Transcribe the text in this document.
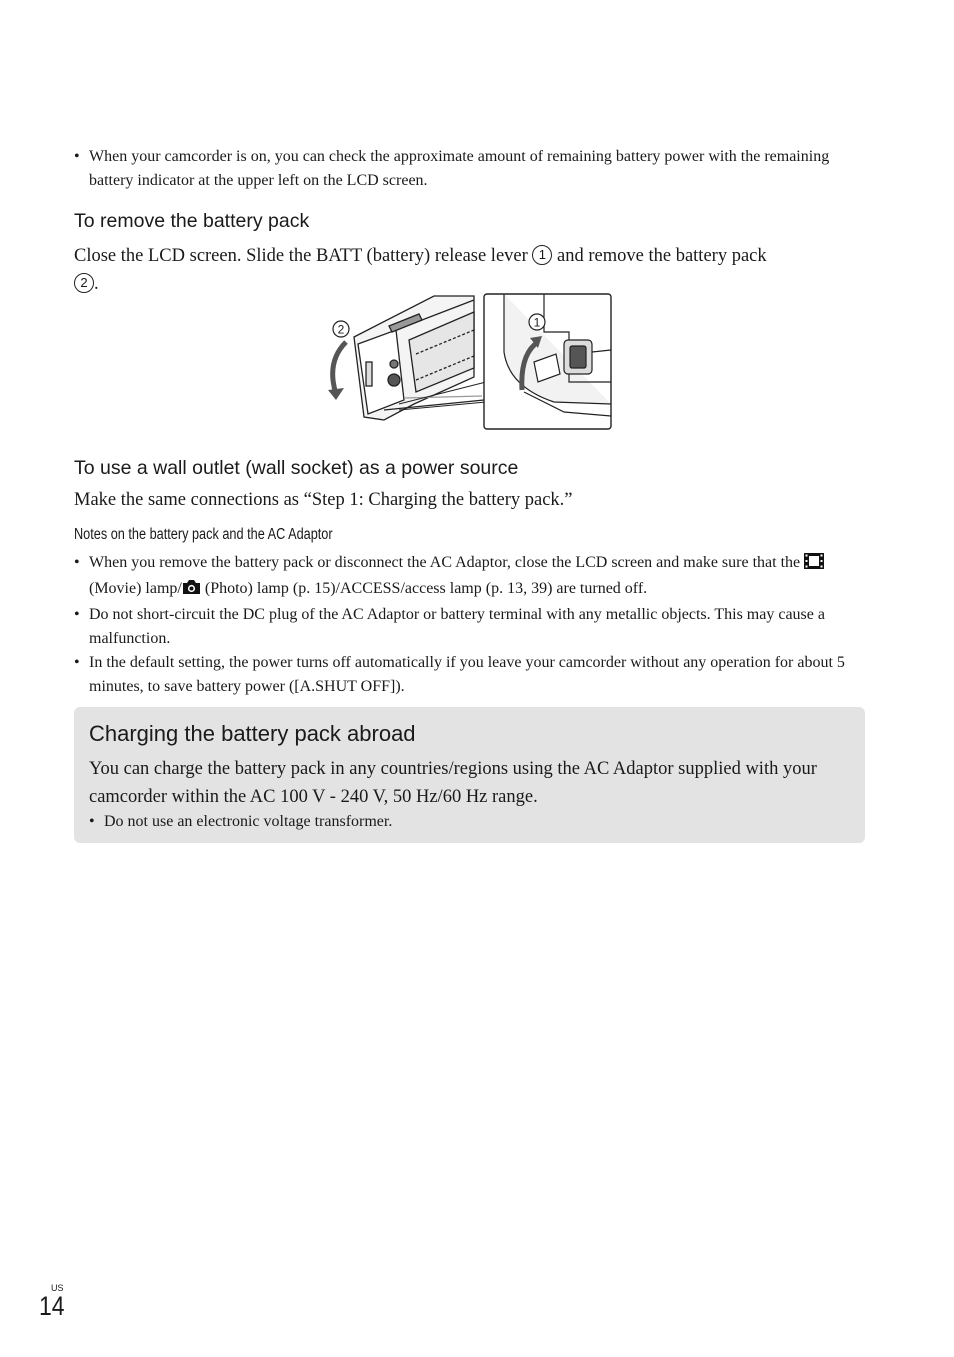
• When your camcorder is on, you can check the approximate amount of remaining battery power with the remaining battery indicator at the upper left on the LCD screen.
To remove the battery pack
Close the LCD screen. Slide the BATT (battery) release lever 1 and remove the battery pack
2 .
2	1
To use a wall outlet (wall socket) as a power source
Make the same connections as “Step 1: Charging the battery pack.”
Notes on the battery pack and the AC Adaptor
• When you remove the battery pack or disconnect the AC Adaptor, close the LCD screen and make sure that the (Movie) lamp/ (Photo) lamp (p. 15)/ACCESS/access lamp (p. 13, 39) are turned off.
• Do not short-circuit the DC plug of the AC Adaptor or battery terminal with any metallic objects. This may cause a malfunction.
• In the default setting, the power turns off automatically if you leave your camcorder without any operation for about 5 minutes, to save battery power ([A.SHUT OFF]).
Charging the battery pack abroad
You can charge the battery pack in any countries/regions using the AC Adaptor supplied with your camcorder within the AC 100 V - 240 V, 50 Hz/60 Hz range.
• Do not use an electronic voltage transformer.
US
14
